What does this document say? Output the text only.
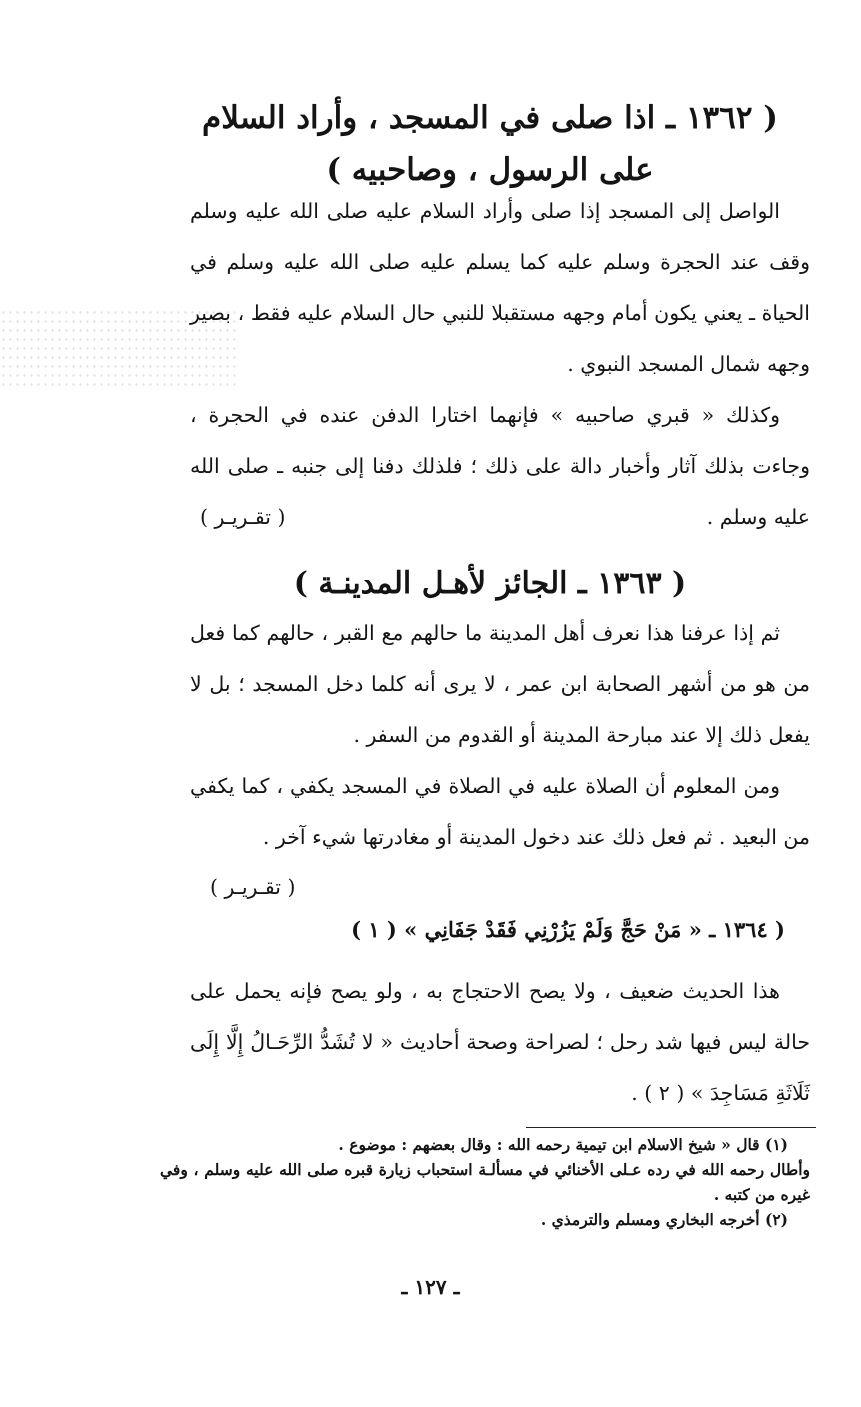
( ١٣٦٢ ـ اذا صلى في المسجد ، وأراد السلام
على الرسول ، وصاحبيه )

الواصل إلى المسجد إذا صلى وأراد السلام عليه صلى الله عليه وسلم وقف عند الحجرة وسلم عليه كما يسلم عليه صلى الله عليه وسلم في الحياة ـ يعني يكون أمام وجهه مستقبلا للنبي حال السلام عليه فقط ، بصير وجهه شمال المسجد النبوي .

وكذلك « قبري صاحبيه » فإنهما اختارا الدفن عنده في الحجرة ، وجاءت بذلك آثار وأخبار دالة على ذلك ؛ فلذلك دفنا إلى جنبه ـ صلى الله عليه وسلم .

( تقـريـر )
( ١٣٦٣ ـ الجائز لأهـل المدينـة )

ثم إذا عرفنا هذا نعرف أهل المدينة ما حالهم مع القبر ، حالهم كما فعل من هو من أشهر الصحابة ابن عمر ، لا يرى أنه كلما دخل المسجد ؛ بل لا يفعل ذلك إلا عند مبارحة المدينة أو القدوم من السفر .

ومن المعلوم أن الصلاة عليه في الصلاة في المسجد يكفي ، كما يكفي من البعيد . ثم فعل ذلك عند دخول المدينة أو مغادرتها شيء آخر .

( تقـريـر )
( ١٣٦٤ ـ « مَنْ حَجَّ وَلَمْ يَزُرْنِي فَقَدْ جَفَانِي » ( ١ )

هذا الحديث ضعيف ، ولا يصح الاحتجاج به ، ولو يصح فإنه يحمل على حالة ليس فيها شد رحل ؛ لصراحة وصحة أحاديث « لا تُشَدُّ الرِّحَـالُ إِلَّا إِلَى ثَلَاثَةِ مَسَاجِدَ » ( ٢ ) .

(١) قال « شيخ الاسلام ابن تيمية رحمه الله : وقال بعضهم : موضوع .

وأطال رحمه الله في رده عـلى الأخنائي في مسألـة استحباب زيارة قبره صلى الله عليه وسلم ، وفي غيره من كتبه .

(٢) أخرجه البخاري ومسلم والترمذي .

ـ ١٢٧ ـ
